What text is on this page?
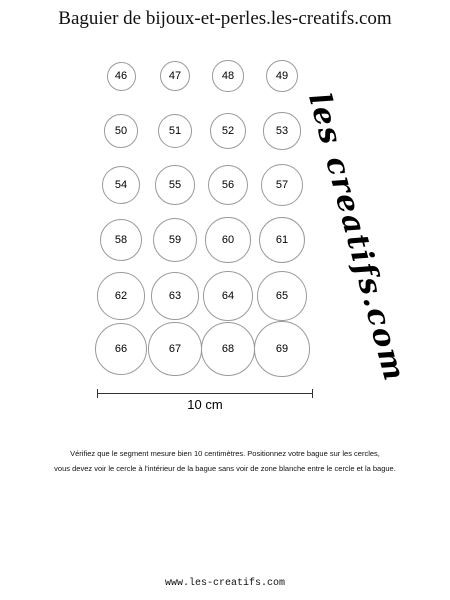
Baguier de bijoux-et-perles.les-creatifs.com
46	47	48	49
50	51	52	53
54	55	56	57
58	59	60	61
62	63	64	65
66	67	68	69 les creatifs.com
10 cm
Vérifiez que le segment mesure bien 10 centimètres. Positionnez votre bague sur les cercles,
vous devez voir le cercle à l'intérieur de la bague sans voir de zone blanche entre le cercle et la bague.
www.les-creatifs.com
